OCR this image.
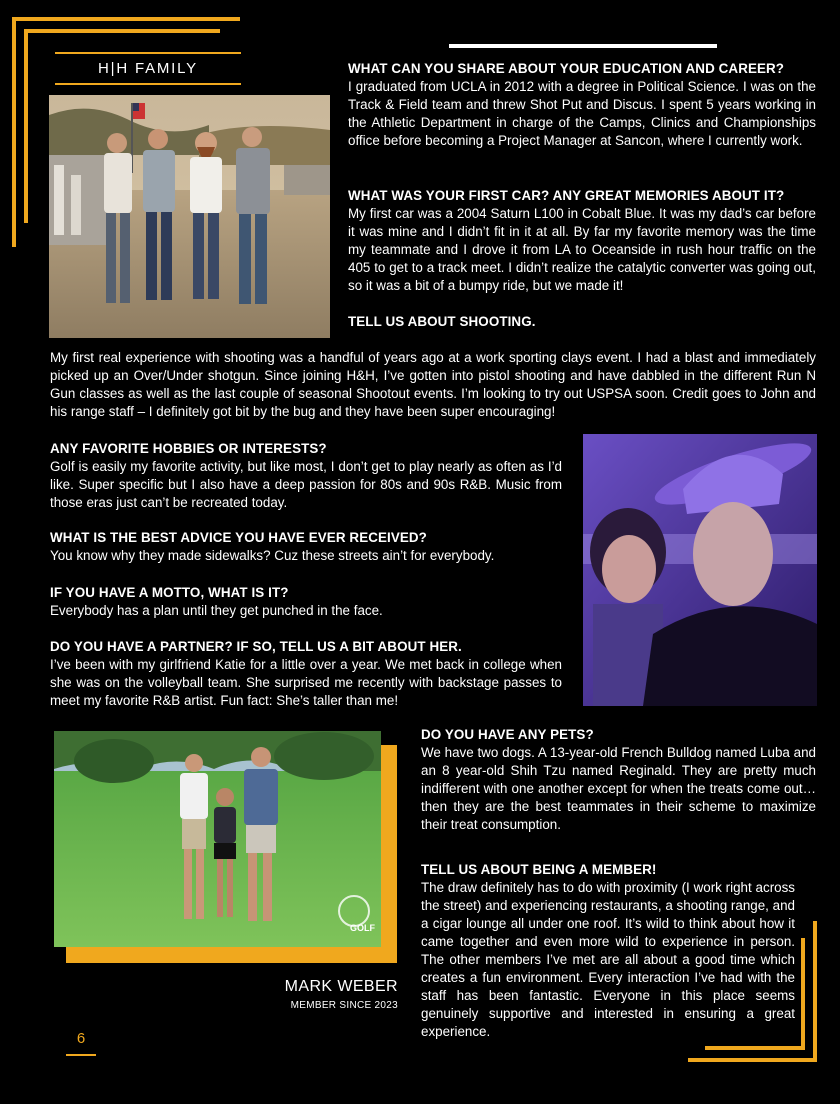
H|H FAMILY	WHAT CAN YOU SHARE ABOUT YOUR EDUCATION AND CAREER?
I graduated from UCLA in 2012 with a degree in Political Science. I was on the Track & Field team and threw Shot Put and Discus. I spent 5 years working in the Athletic Department in charge of the Camps, Clinics and Championships office before becoming a Project Manager at Sancon, where I currently work.
WHAT WAS YOUR FIRST CAR? ANY GREAT MEMORIES ABOUT IT?
My first car was a 2004 Saturn L100 in Cobalt Blue. It was my dad’s car before it was mine and I didn’t fit in it at all. By far my favorite memory was the time my teammate and I drove it from LA to Oceanside in rush hour traffic on the 405 to get to a track meet. I didn’t realize the catalytic converter was going out, so it was a bit of a bumpy ride, but we made it!
TELL US ABOUT SHOOTING.
My first real experience with shooting was a handful of years ago at a work sporting clays event. I had a blast and immediately picked up an Over/Under shotgun. Since joining H&H, I’ve gotten into pistol shooting and have dabbled in the different Run N Gun classes as well as the last couple of seasonal Shootout events. I’m looking to try out USPSA soon. Credit goes to John and his range staff – I definitely got bit by the bug and they have been super encouraging!
ANY FAVORITE HOBBIES OR INTERESTS?
Golf is easily my favorite activity, but like most, I don’t get to play nearly as often as I’d like. Super specific but I also have a deep passion for 80s and 90s R&B. Music from those eras just can’t be recreated today.
WHAT IS THE BEST ADVICE YOU HAVE EVER RECEIVED?
You know why they made sidewalks? Cuz these streets ain’t for everybody.
IF YOU HAVE A MOTTO, WHAT IS IT?
Everybody has a plan until they get punched in the face.
DO YOU HAVE A PARTNER? IF SO, TELL US A BIT ABOUT HER.
I’ve been with my girlfriend Katie for a little over a year. We met back in college when she was on the volleyball team. She surprised me recently with backstage passes to meet my favorite R&B artist. Fun fact: She’s taller than me!
GOLF
DO YOU HAVE ANY PETS?
We have two dogs. A 13-year-old French Bulldog named Luba and an 8 year-old Shih Tzu named Reginald. They are pretty much indifferent with one another except for when the treats come out…then they are the best teammates in their scheme to maximize their treat consumption.
TELL US ABOUT BEING A MEMBER!
The draw definitely has to do with proximity (I work right across the street) and experiencing restaurants, a shooting range, and a cigar lounge all under one roof. It’s wild to think about how it came together and even more wild to experience in person. The other members I’ve met are all about a good time which creates a fun environment. Every interaction I’ve had with the staff has been fantastic. Everyone in this place seems genuinely supportive and interested in ensuring a great experience.
MARK WEBER
MEMBER SINCE 2023
6
